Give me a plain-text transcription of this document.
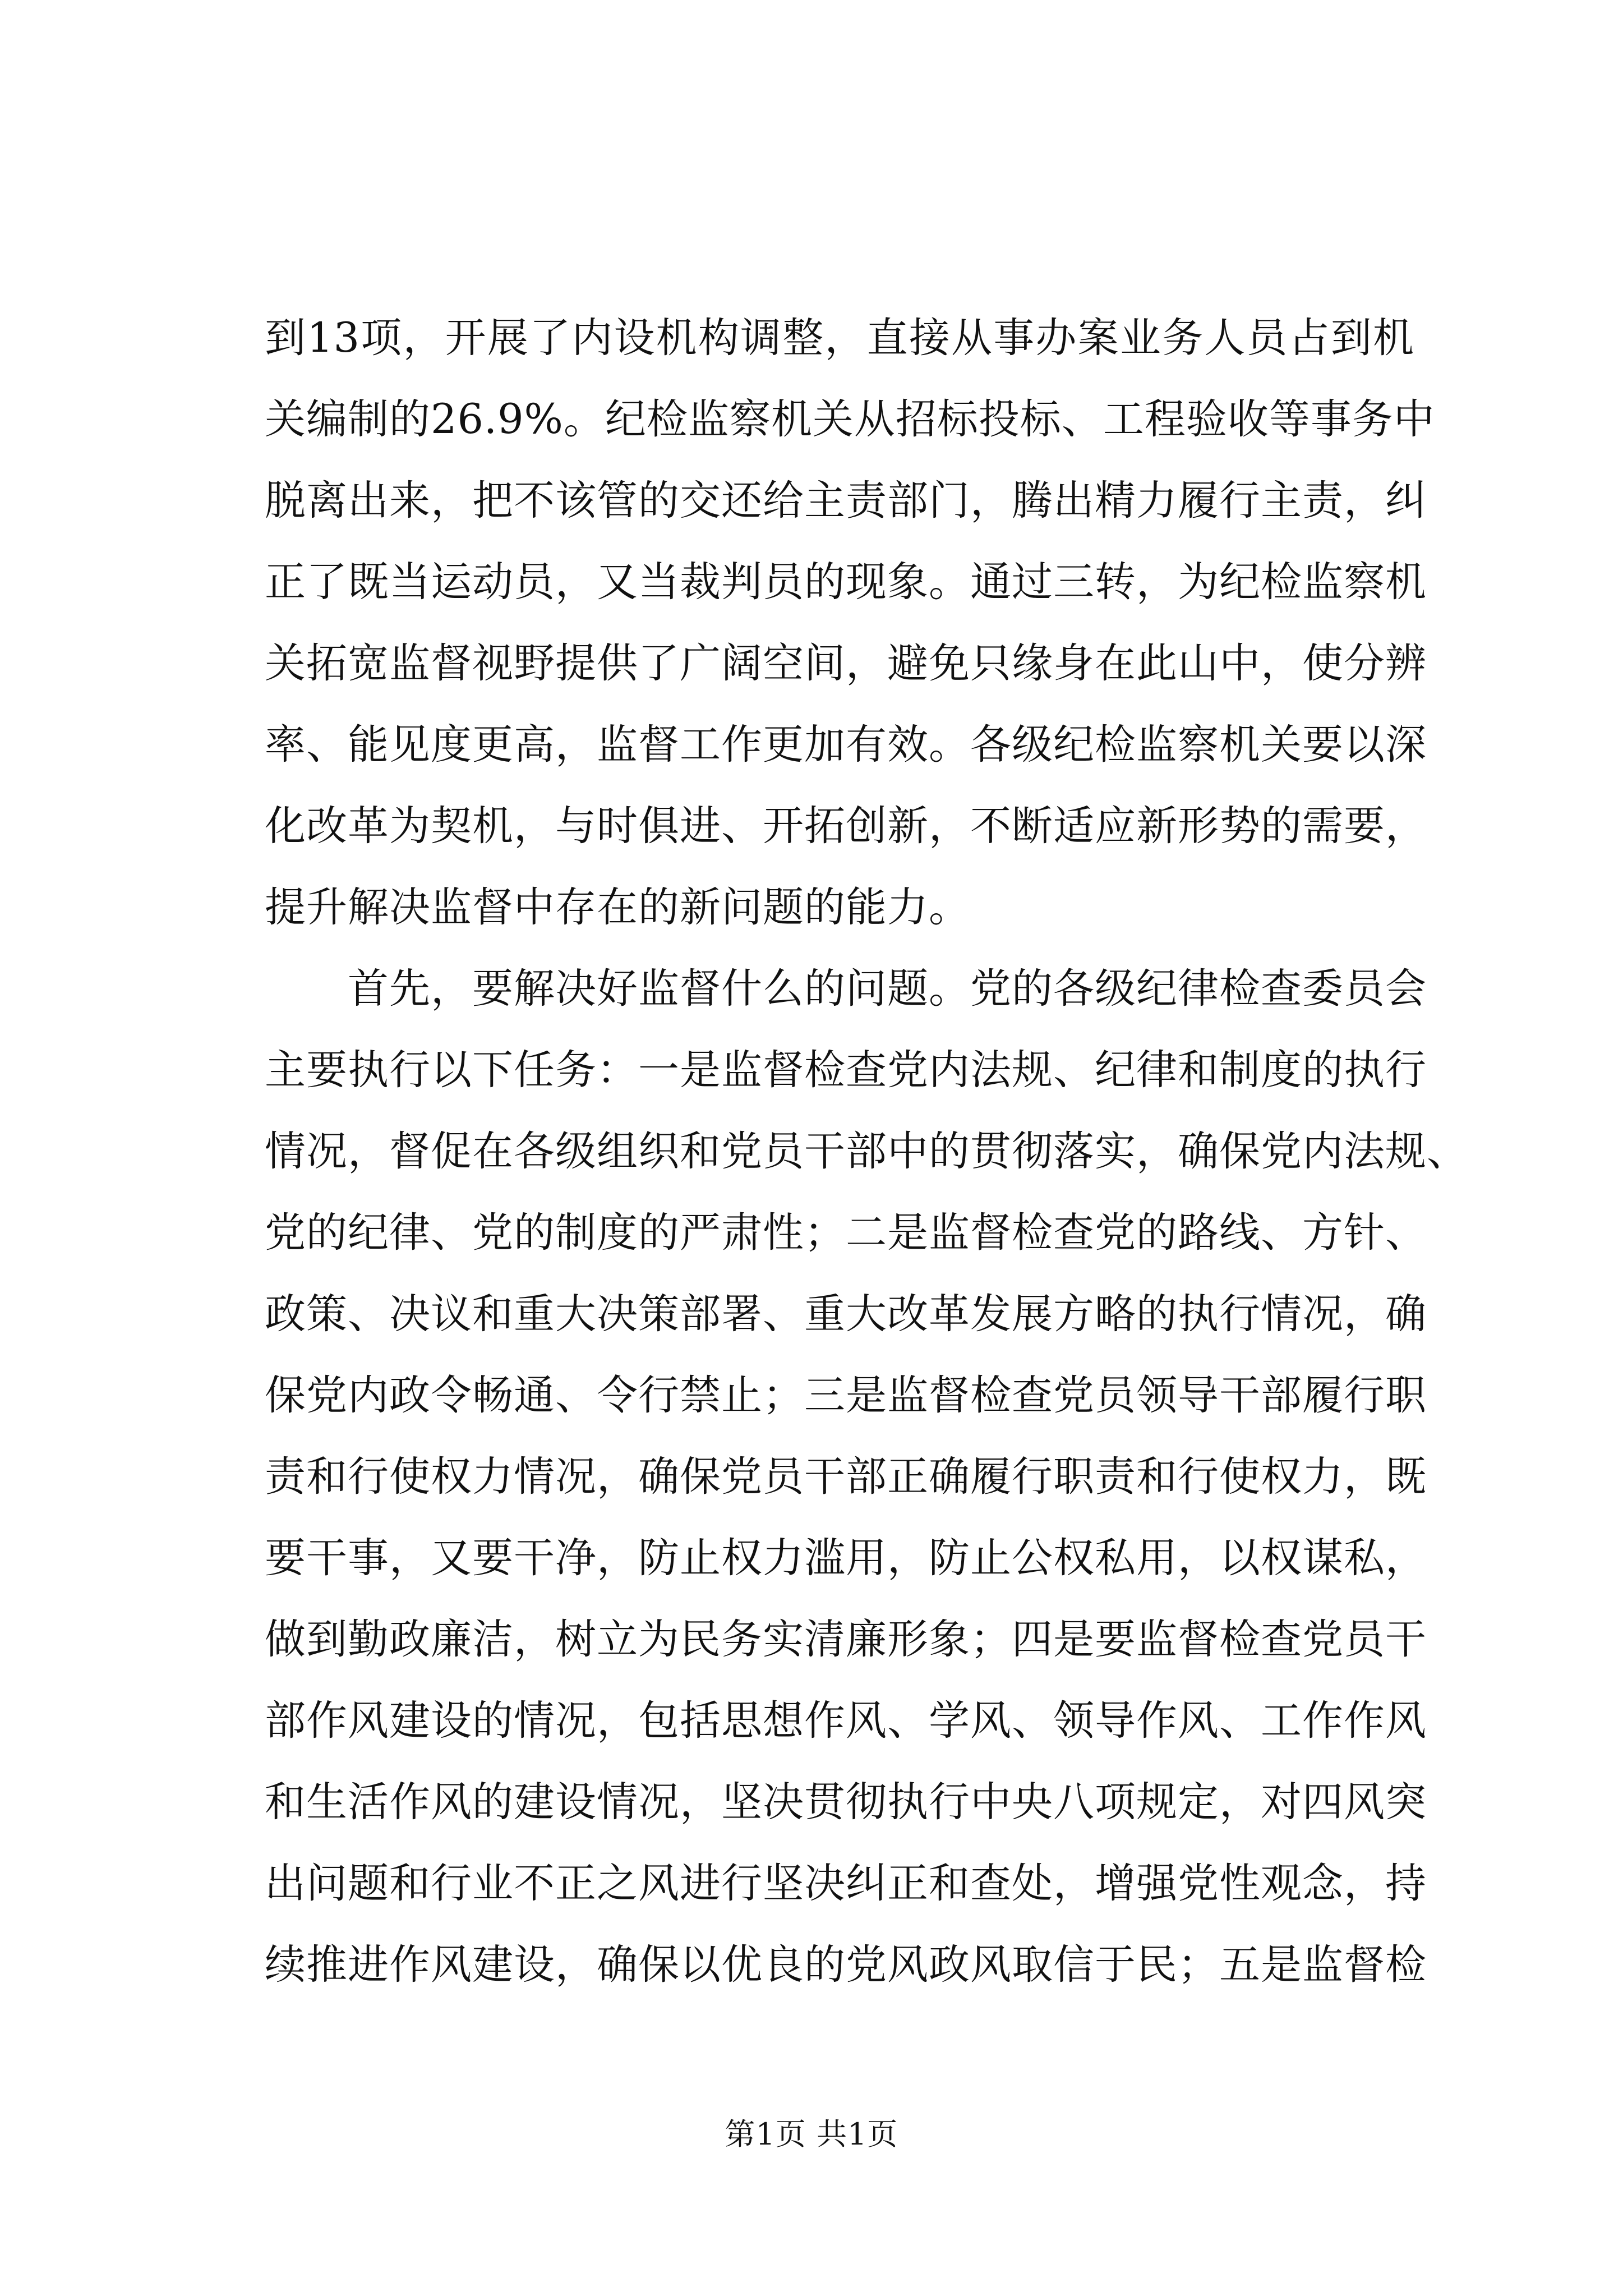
到13项，开展了内设机构调整，直接从事办案业务人员占到机
关编制的26.9%。纪检监察机关从招标投标、工程验收等事务中
脱离出来，把不该管的交还给主责部门，腾出精力履行主责，纠
正了既当运动员，又当裁判员的现象。通过三转，为纪检监察机
关拓宽监督视野提供了广阔空间，避免只缘身在此山中，使分辨
率、能见度更高，监督工作更加有效。各级纪检监察机关要以深
化改革为契机，与时俱进、开拓创新，不断适应新形势的需要，
提升解决监督中存在的新问题的能力。
首先，要解决好监督什么的问题。党的各级纪律检查委员会
主要执行以下任务：一是监督检查党内法规、纪律和制度的执行
情况，督促在各级组织和党员干部中的贯彻落实，确保党内法规、
党的纪律、党的制度的严肃性；二是监督检查党的路线、方针、
政策、决议和重大决策部署、重大改革发展方略的执行情况，确
保党内政令畅通、令行禁止；三是监督检查党员领导干部履行职
责和行使权力情况，确保党员干部正确履行职责和行使权力，既
要干事，又要干净，防止权力滥用，防止公权私用，以权谋私，
做到勤政廉洁，树立为民务实清廉形象；四是要监督检查党员干
部作风建设的情况，包括思想作风、学风、领导作风、工作作风
和生活作风的建设情况，坚决贯彻执行中央八项规定，对四风突
出问题和行业不正之风进行坚决纠正和查处，增强党性观念，持
续推进作风建设，确保以优良的党风政风取信于民；五是监督检
第1页 共1页
